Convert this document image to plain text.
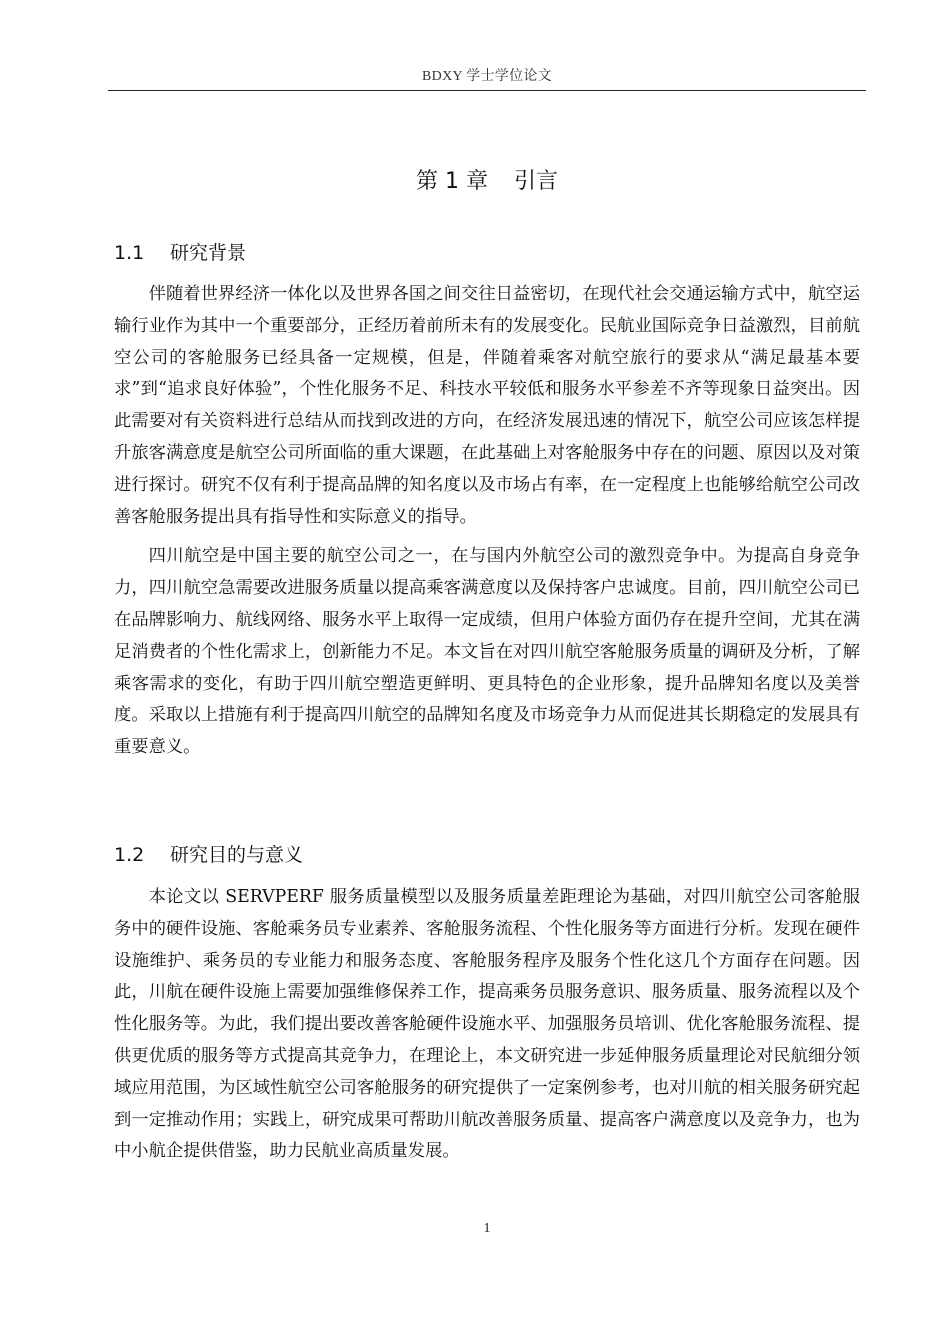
BDXY 学士学位论文
第 1 章 引言
1.1 研究背景

伴随着世界经济一体化以及世界各国之间交往日益密切，在现代社会交通运输方式中，航空运输行业作为其中一个重要部分，正经历着前所未有的发展变化。民航业国际竞争日益激烈，目前航空公司的客舱服务已经具备一定规模，但是，伴随着乘客对航空旅行的要求从“满足最基本要求”到“追求良好体验”，个性化服务不足、科技水平较低和服务水平参差不齐等现象日益突出。因此需要对有关资料进行总结从而找到改进的方向，在经济发展迅速的情况下，航空公司应该怎样提升旅客满意度是航空公司所面临的重大课题，在此基础上对客舱服务中存在的问题、原因以及对策进行探讨。研究不仅有利于提高品牌的知名度以及市场占有率，在一定程度上也能够给航空公司改善客舱服务提出具有指导性和实际意义的指导。

四川航空是中国主要的航空公司之一，在与国内外航空公司的激烈竞争中。为提高自身竞争力，四川航空急需要改进服务质量以提高乘客满意度以及保持客户忠诚度。目前，四川航空公司已在品牌影响力、航线网络、服务水平上取得一定成绩，但用户体验方面仍存在提升空间，尤其在满足消费者的个性化需求上，创新能力不足。本文旨在对四川航空客舱服务质量的调研及分析，了解乘客需求的变化，有助于四川航空塑造更鲜明、更具特色的企业形象，提升品牌知名度以及美誉度。采取以上措施有利于提高四川航空的品牌知名度及市场竞争力从而促进其长期稳定的发展具有重要意义。

1.2 研究目的与意义

本论文以 SERVPERF 服务质量模型以及服务质量差距理论为基础，对四川航空公司客舱服务中的硬件设施、客舱乘务员专业素养、客舱服务流程、个性化服务等方面进行分析。发现在硬件设施维护、乘务员的专业能力和服务态度、客舱服务程序及服务个性化这几个方面存在问题。因此，川航在硬件设施上需要加强维修保养工作，提高乘务员服务意识、服务质量、服务流程以及个性化服务等。为此，我们提出要改善客舱硬件设施水平、加强服务员培训、优化客舱服务流程、提供更优质的服务等方式提高其竞争力，在理论上，本文研究进一步延伸服务质量理论对民航细分领域应用范围，为区域性航空公司客舱服务的研究提供了一定案例参考，也对川航的相关服务研究起到一定推动作用；实践上，研究成果可帮助川航改善服务质量、提高客户满意度以及竞争力，也为中小航企提供借鉴，助力民航业高质量发展。

1
